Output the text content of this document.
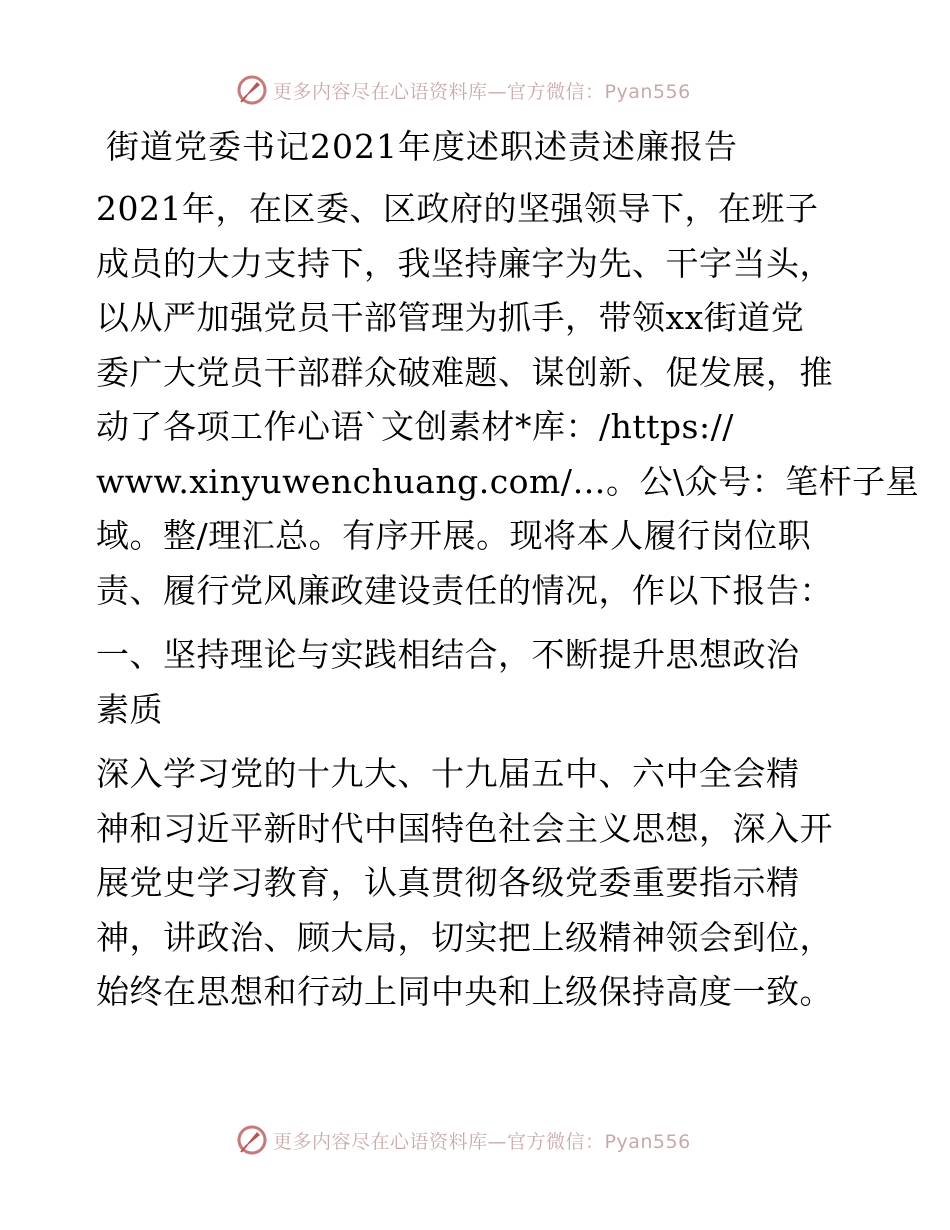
更多内容尽在心语资料库—官方微信：Pyan556
街道党委书记2021年度述职述责述廉报告
2021年，在区委、区政府的坚强领导下，在班子
成员的大力支持下，我坚持廉字为先、干字当头，
以从严加强党员干部管理为抓手，带领xx街道党
委广大党员干部群众破难题、谋创新、促发展，推
动了各项工作心语`文创素材*库：/https://
www.xinyuwenchuang.com/…。公\众号：笔杆子星
域。整/理汇总。有序开展。现将本人履行岗位职
责、履行党风廉政建设责任的情况，作以下报告：
一、坚持理论与实践相结合，不断提升思想政治
素质
深入学习党的十九大、十九届五中、六中全会精
神和习近平新时代中国特色社会主义思想，深入开
展党史学习教育，认真贯彻各级党委重要指示精
神，讲政治、顾大局，切实把上级精神领会到位，
始终在思想和行动上同中央和上级保持高度一致。
更多内容尽在心语资料库—官方微信：Pyan556
